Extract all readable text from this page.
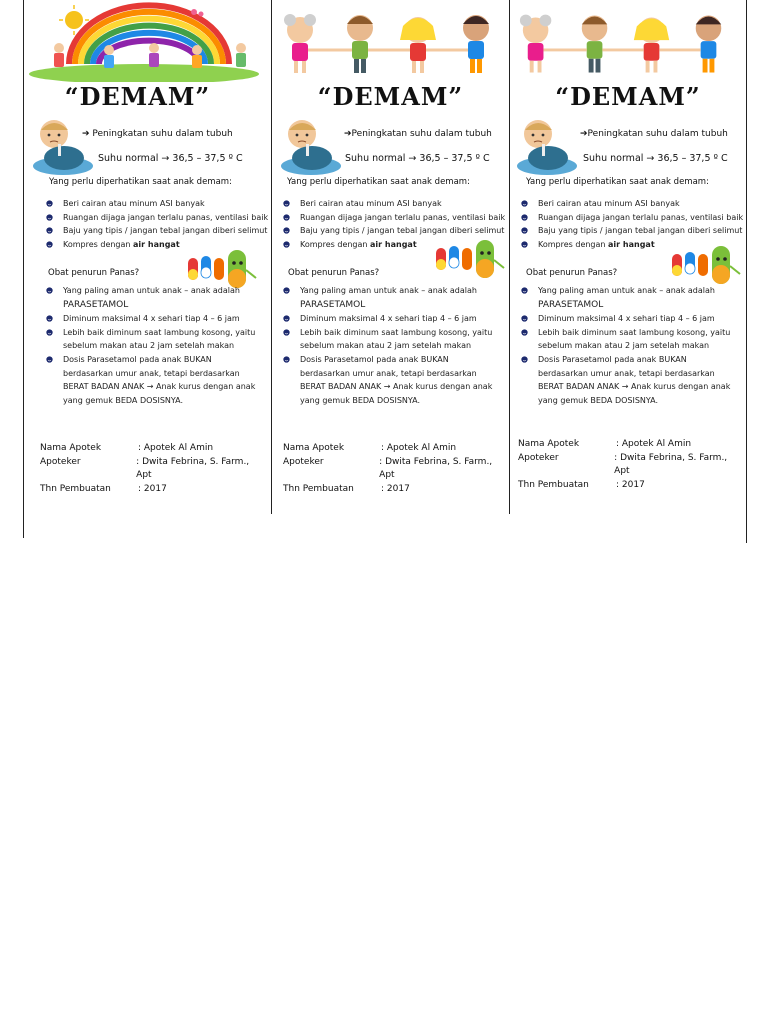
“DEMAM”
➔ Peningkatan suhu dalam tubuh
Suhu normal → 36,5 – 37,5 º C
Yang perlu diperhatikan saat anak demam:
Beri cairan atau minum ASI banyak
Ruangan dijaga jangan terlalu panas, ventilasi baik
Baju yang tipis / jangan tebal jangan diberi selimut
Kompres dengan air hangat
Obat penurun Panas?
Yang paling aman untuk anak – anak adalah
PARASETAMOL
Diminum maksimal 4 x sehari tiap 4 – 6 jam
Lebih baik diminum saat lambung kosong, yaitu sebelum makan atau 2 jam setelah makan
Dosis Parasetamol pada anak BUKAN berdasarkan umur anak, tetapi berdasarkan BERAT BADAN ANAK → Anak kurus dengan anak yang gemuk BEDA DOSISNYA.
Nama Apotek	: Apotek Al Amin
Apoteker	: Dwita Febrina, S. Farm., Apt
Thn Pembuatan	: 2017
“DEMAM”
➔Peningkatan suhu dalam tubuh
Suhu normal → 36,5 – 37,5 º C
Yang perlu diperhatikan saat anak demam:
Beri cairan atau minum ASI banyak
Ruangan dijaga jangan terlalu panas, ventilasi baik
Baju yang tipis / jangan tebal jangan diberi selimut
Kompres dengan air hangat
Obat penurun Panas?
Yang paling aman untuk anak – anak adalah
PARASETAMOL
Diminum maksimal 4 x sehari tiap 4 – 6 jam
Lebih baik diminum saat lambung kosong, yaitu sebelum makan atau 2 jam setelah makan
Dosis Parasetamol pada anak BUKAN berdasarkan umur anak, tetapi berdasarkan BERAT BADAN ANAK → Anak kurus dengan anak yang gemuk BEDA DOSISNYA.
Nama Apotek	: Apotek Al Amin
Apoteker	: Dwita Febrina, S. Farm., Apt
Thn Pembuatan	: 2017
“DEMAM”
➔Peningkatan suhu dalam tubuh
Suhu normal → 36,5 – 37,5 º C
Yang perlu diperhatikan saat anak demam:
Beri cairan atau minum ASI banyak
Ruangan dijaga jangan terlalu panas, ventilasi baik
Baju yang tipis / jangan tebal jangan diberi selimut
Kompres dengan air hangat
Obat penurun Panas?
Yang paling aman untuk anak – anak adalah
PARASETAMOL
Diminum maksimal 4 x sehari tiap 4 – 6 jam
Lebih baik diminum saat lambung kosong, yaitu sebelum makan atau 2 jam setelah makan
Dosis Parasetamol pada anak BUKAN berdasarkan umur anak, tetapi berdasarkan BERAT BADAN ANAK → Anak kurus dengan anak yang gemuk BEDA DOSISNYA.
Nama Apotek	: Apotek Al Amin
Apoteker	: Dwita Febrina, S. Farm., Apt
Thn Pembuatan	: 2017
